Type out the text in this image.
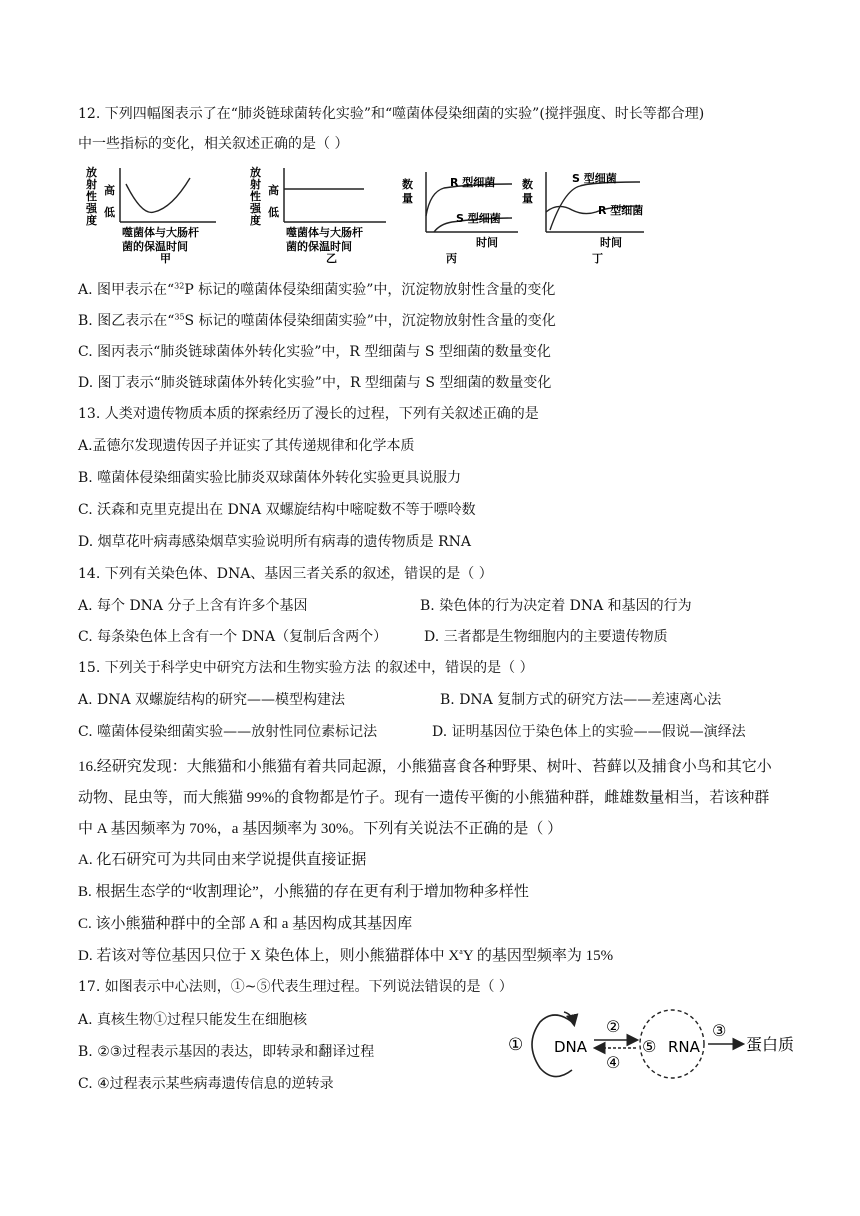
12. 下列四幅图表示了在“肺炎链球菌转化实验”和“噬菌体侵染细菌的实验”(搅拌强度、时长等都合理)
中一些指标的变化，相关叙述正确的是（ ）
放
射
性
强
度
高
低
噬菌体与大肠杆
菌的保温时间
甲
放
射
性
强
度
高
低
噬菌体与大肠杆
菌的保温时间
乙
数
量
R 型细菌
S 型细菌
时间
丙
数
量
S 型细菌
R 型细菌
时间
丁
A. 图甲表示在“$^{32}$P 标记的噬菌体侵染细菌实验”中，沉淀物放射性含量的变化
B. 图乙表示在“$^{35}$S 标记的噬菌体侵染细菌实验”中，沉淀物放射性含量的变化
C. 图丙表示“肺炎链球菌体外转化实验”中，R 型细菌与 S 型细菌的数量变化
D. 图丁表示“肺炎链球菌体外转化实验”中，R 型细菌与 S 型细菌的数量变化
13. 人类对遗传物质本质的探索经历了漫长的过程，下列有关叙述正确的是
A.孟德尔发现遗传因子并证实了其传递规律和化学本质
B. 噬菌体侵染细菌实验比肺炎双球菌体外转化实验更具说服力
C. 沃森和克里克提出在 DNA 双螺旋结构中嘧啶数不等于嘌呤数
D. 烟草花叶病毒感染烟草实验说明所有病毒的遗传物质是 RNA
14. 下列有关染色体、DNA、基因三者关系的叙述，错误的是（ ）
A. 每个 DNA 分子上含有许多个基因	B. 染色体的行为决定着 DNA 和基因的行为
C. 每条染色体上含有一个 DNA（复制后含两个）	D. 三者都是生物细胞内的主要遗传物质
15. 下列关于科学史中研究方法和生物实验方法 的叙述中，错误的是（ ）
A. DNA 双螺旋结构的研究——模型构建法	B. DNA 复制方式的研究方法——差速离心法
C. 噬菌体侵染细菌实验——放射性同位素标记法	D. 证明基因位于染色体上的实验——假说—演绎法
16.经研究发现：大熊猫和小熊猫有着共同起源，小熊猫喜食各种野果、树叶、苔藓以及捕食小鸟和其它小
动物、昆虫等，而大熊猫 99%的食物都是竹子。现有一遗传平衡的小熊猫种群，雌雄数量相当，若该种群
中 A 基因频率为 70%，a 基因频率为 30%。下列有关说法不正确的是（ ）
A. 化石研究可为共同由来学说提供直接证据
B. 根据生态学的“收割理论”，小熊猫的存在更有利于增加物种多样性
C. 该小熊猫种群中的全部 A 和 a 基因构成其基因库
D. 若该对等位基因只位于 X 染色体上，则小熊猫群体中 $X^aY$ 的基因型频率为 15%
17. 如图表示中心法则，①~⑤代表生理过程。下列说法错误的是（ ）
A. 真核生物①过程只能发生在细胞核
B. ②③过程表示基因的表达，即转录和翻译过程
C. ④过程表示某些病毒遗传信息的逆转录
① DNA
②
④
⑤ RNA
③
蛋白质
